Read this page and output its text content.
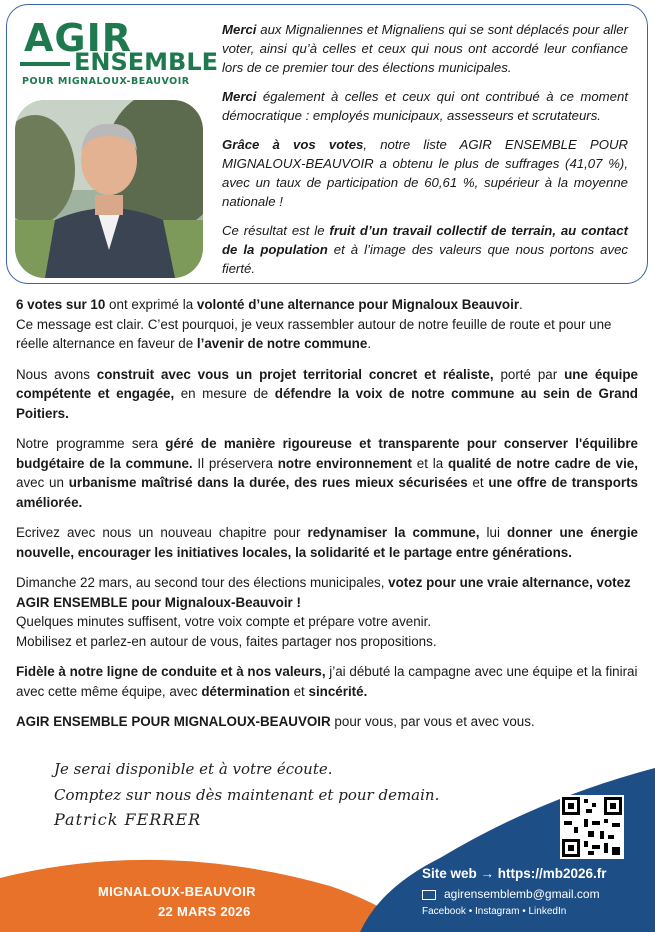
AGIR
ENSEMBLE
POUR MIGNALOUX-BEAUVOIR

Merci aux Mignaliennes et Mignaliens qui se sont déplacés pour aller voter, ainsi qu’à celles et ceux qui nous ont accordé leur confiance lors de ce premier tour des élections municipales.

Merci également à celles et ceux qui ont contribué à ce moment démocratique : employés municipaux, assesseurs et scrutateurs.

Grâce à vos votes, notre liste AGIR ENSEMBLE POUR MIGNALOUX-BEAUVOIR a obtenu le plus de suffrages (41,07 %), avec un taux de participation de 60,61 %, supérieur à la moyenne nationale !

Ce résultat est le fruit d’un travail collectif de terrain, au contact de la population et à l’image des valeurs que nous portons avec fierté.

6 votes sur 10 ont exprimé la volonté d’une alternance pour Mignaloux Beauvoir.
Ce message est clair. C’est pourquoi, je veux rassembler autour de notre feuille de route et pour une réelle alternance en faveur de l’avenir de notre commune.

Nous avons construit avec vous un projet territorial concret et réaliste, porté par une équipe compétente et engagée, en mesure de défendre la voix de notre commune au sein de Grand Poitiers.

Notre programme sera géré de manière rigoureuse et transparente pour conserver l'équilibre budgétaire de la commune. Il préservera notre environnement et la qualité de notre cadre de vie, avec un urbanisme maîtrisé dans la durée, des rues mieux sécurisées et une offre de transports améliorée.

Ecrivez avec nous un nouveau chapitre pour redynamiser la commune, lui donner une énergie nouvelle, encourager les initiatives locales, la solidarité et le partage entre générations.

Dimanche 22 mars, au second tour des élections municipales, votez pour une vraie alternance, votez AGIR ENSEMBLE pour Mignaloux-Beauvoir !
Quelques minutes suffisent, votre voix compte et prépare votre avenir.
Mobilisez et parlez-en autour de vous, faites partager nos propositions.

Fidèle à notre ligne de conduite et à nos valeurs, j’ai débuté la campagne avec une équipe et la finirai avec cette même équipe, avec détermination et sincérité.

AGIR ENSEMBLE POUR MIGNALOUX-BEAUVOIR pour vous, par vous et avec vous.

Je serai disponible et à votre écoute.
Comptez sur nous dès maintenant et pour demain.
Patrick FERRER
Site web → https://mb2026.fr
agirensemblemb@gmail.com
Facebook • Instagram • LinkedIn
MIGNALOUX-BEAUVOIR
22 MARS 2026
